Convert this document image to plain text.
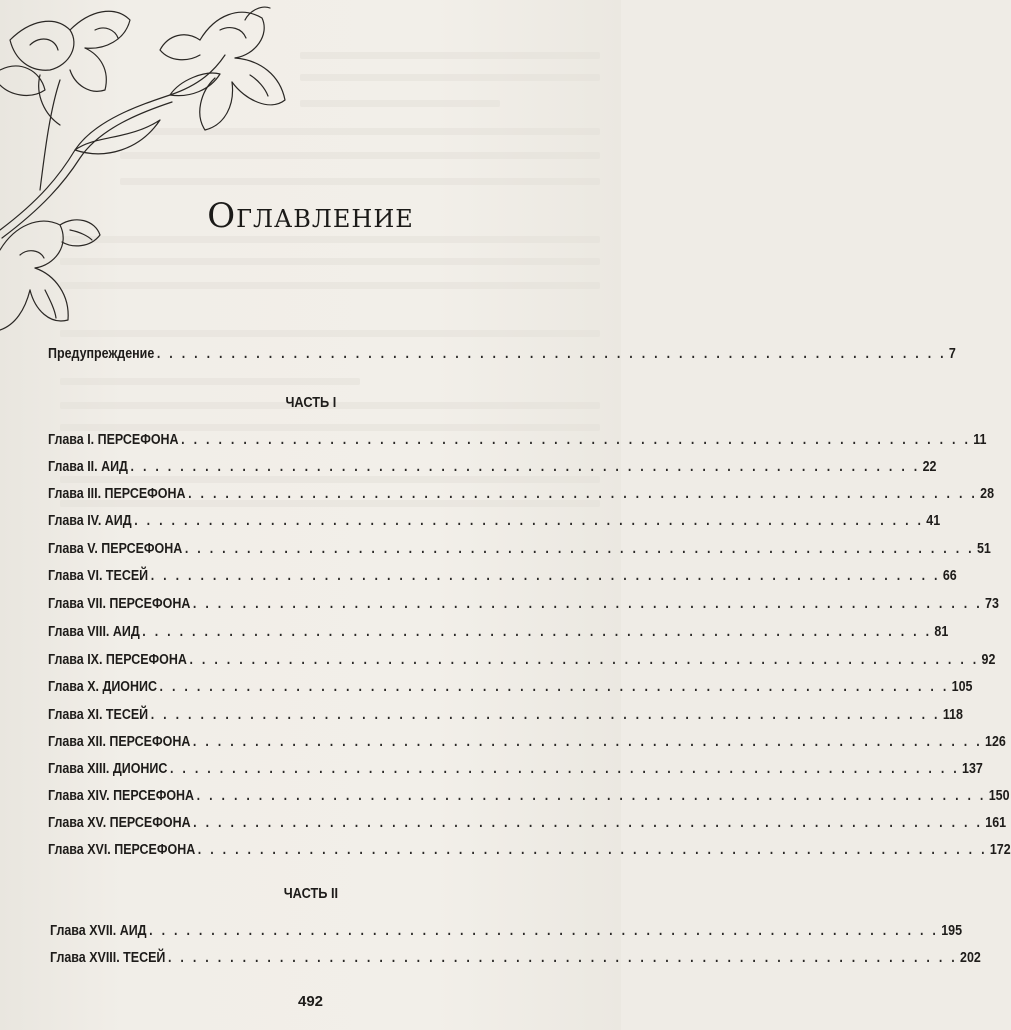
Оглавление
Предупреждение . . . . . . . . . . . . . . . . . . . . . . . . . . . . . . . . . . . . . . . . . . . . . . . . . . . . . . . . . . . . . . . . 7
ЧАСТЬ I
Глава I. ПЕРСЕФОНА . . . . . . . . . . . . . . . . . . . . . . . . . . . . . . . . . . . . . . . . . . . . . . . . . . . . . . . . . . . . . . . . 11
Глава II. АИД . . . . . . . . . . . . . . . . . . . . . . . . . . . . . . . . . . . . . . . . . . . . . . . . . . . . . . . . . . . . . . . . 22
Глава III. ПЕРСЕФОНА . . . . . . . . . . . . . . . . . . . . . . . . . . . . . . . . . . . . . . . . . . . . . . . . . . . . . . . . . . . . . . . . 28
Глава IV. АИД . . . . . . . . . . . . . . . . . . . . . . . . . . . . . . . . . . . . . . . . . . . . . . . . . . . . . . . . . . . . . . . . 41
Глава V. ПЕРСЕФОНА . . . . . . . . . . . . . . . . . . . . . . . . . . . . . . . . . . . . . . . . . . . . . . . . . . . . . . . . . . . . . . . . 51
Глава VI. ТЕСЕЙ . . . . . . . . . . . . . . . . . . . . . . . . . . . . . . . . . . . . . . . . . . . . . . . . . . . . . . . . . . . . . . . . 66
Глава VII. ПЕРСЕФОНА . . . . . . . . . . . . . . . . . . . . . . . . . . . . . . . . . . . . . . . . . . . . . . . . . . . . . . . . . . . . . . . . 73
Глава VIII. АИД . . . . . . . . . . . . . . . . . . . . . . . . . . . . . . . . . . . . . . . . . . . . . . . . . . . . . . . . . . . . . . . . 81
Глава IX. ПЕРСЕФОНА . . . . . . . . . . . . . . . . . . . . . . . . . . . . . . . . . . . . . . . . . . . . . . . . . . . . . . . . . . . . . . . . 92
Глава X. ДИОНИС . . . . . . . . . . . . . . . . . . . . . . . . . . . . . . . . . . . . . . . . . . . . . . . . . . . . . . . . . . . . . . . . 105
Глава XI. ТЕСЕЙ . . . . . . . . . . . . . . . . . . . . . . . . . . . . . . . . . . . . . . . . . . . . . . . . . . . . . . . . . . . . . . . . 118
Глава XII. ПЕРСЕФОНА . . . . . . . . . . . . . . . . . . . . . . . . . . . . . . . . . . . . . . . . . . . . . . . . . . . . . . . . . . . . . . . . 126
Глава XIII. ДИОНИС . . . . . . . . . . . . . . . . . . . . . . . . . . . . . . . . . . . . . . . . . . . . . . . . . . . . . . . . . . . . . . . . 137
Глава XIV. ПЕРСЕФОНА . . . . . . . . . . . . . . . . . . . . . . . . . . . . . . . . . . . . . . . . . . . . . . . . . . . . . . . . . . . . . . . . 150
Глава XV. ПЕРСЕФОНА . . . . . . . . . . . . . . . . . . . . . . . . . . . . . . . . . . . . . . . . . . . . . . . . . . . . . . . . . . . . . . . . 161
Глава XVI. ПЕРСЕФОНА . . . . . . . . . . . . . . . . . . . . . . . . . . . . . . . . . . . . . . . . . . . . . . . . . . . . . . . . . . . . . . . . 172
ЧАСТЬ II
Глава XVII. АИД . . . . . . . . . . . . . . . . . . . . . . . . . . . . . . . . . . . . . . . . . . . . . . . . . . . . . . . . . . . . . . . . 195
Глава XVIII. ТЕСЕЙ . . . . . . . . . . . . . . . . . . . . . . . . . . . . . . . . . . . . . . . . . . . . . . . . . . . . . . . . . . . . . . . . 202
492
